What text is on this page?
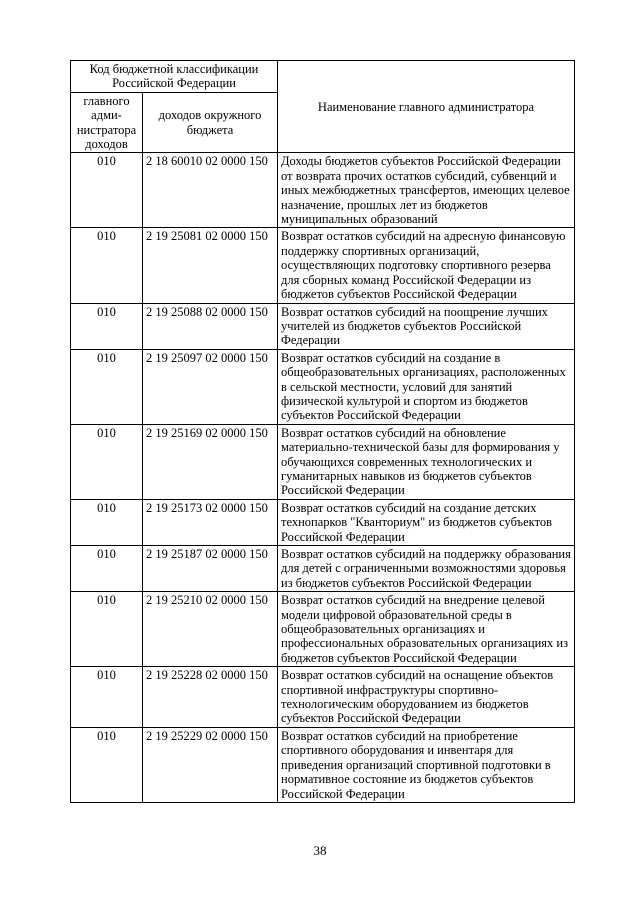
Код бюджетной классификации Российской Федерации		Наименование главного администратора
главного адми-нистратора доходов	доходов окружного бюджета	
010	2 18 60010 02 0000 150	Доходы бюджетов субъектов Российской Федерации от возврата прочих остатков субсидий, субвенций и иных межбюджетных трансфертов, имеющих целевое назначение, прошлых лет из бюджетов муниципальных образований
010	2 19 25081 02 0000 150	Возврат остатков субсидий на адресную финансовую поддержку спортивных организаций, осуществляющих подготовку спортивного резерва для сборных команд Российской Федерации из бюджетов субъектов Российской Федерации
010	2 19 25088 02 0000 150	Возврат остатков субсидий на поощрение лучших учителей из бюджетов субъектов Российской Федерации
010	2 19 25097 02 0000 150	Возврат остатков субсидий на создание в общеобразовательных организациях, расположенных в сельской местности, условий для занятий физической культурой и спортом из бюджетов субъектов Российской Федерации
010	2 19 25169 02 0000 150	Возврат остатков субсидий на обновление материально-технической базы для формирования у обучающихся современных технологических и гуманитарных навыков из бюджетов субъектов Российской Федерации
010	2 19 25173 02 0000 150	Возврат остатков субсидий на создание детских технопарков "Кванториум" из бюджетов субъектов Российской Федерации
010	2 19 25187 02 0000 150	Возврат остатков субсидий на поддержку образования для детей с ограниченными возможностями здоровья из бюджетов субъектов Российской Федерации
010	2 19 25210 02 0000 150	Возврат остатков субсидий на внедрение целевой модели цифровой образовательной среды в общеобразовательных организациях и профессиональных образовательных организациях из бюджетов субъектов Российской Федерации
010	2 19 25228 02 0000 150	Возврат остатков субсидий на оснащение объектов спортивной инфраструктуры спортивно-технологическим оборудованием из бюджетов субъектов Российской Федерации
010	2 19 25229 02 0000 150	Возврат остатков субсидий на приобретение спортивного оборудования и инвентаря для приведения организаций спортивной подготовки в нормативное состояние из бюджетов субъектов Российской Федерации
38
